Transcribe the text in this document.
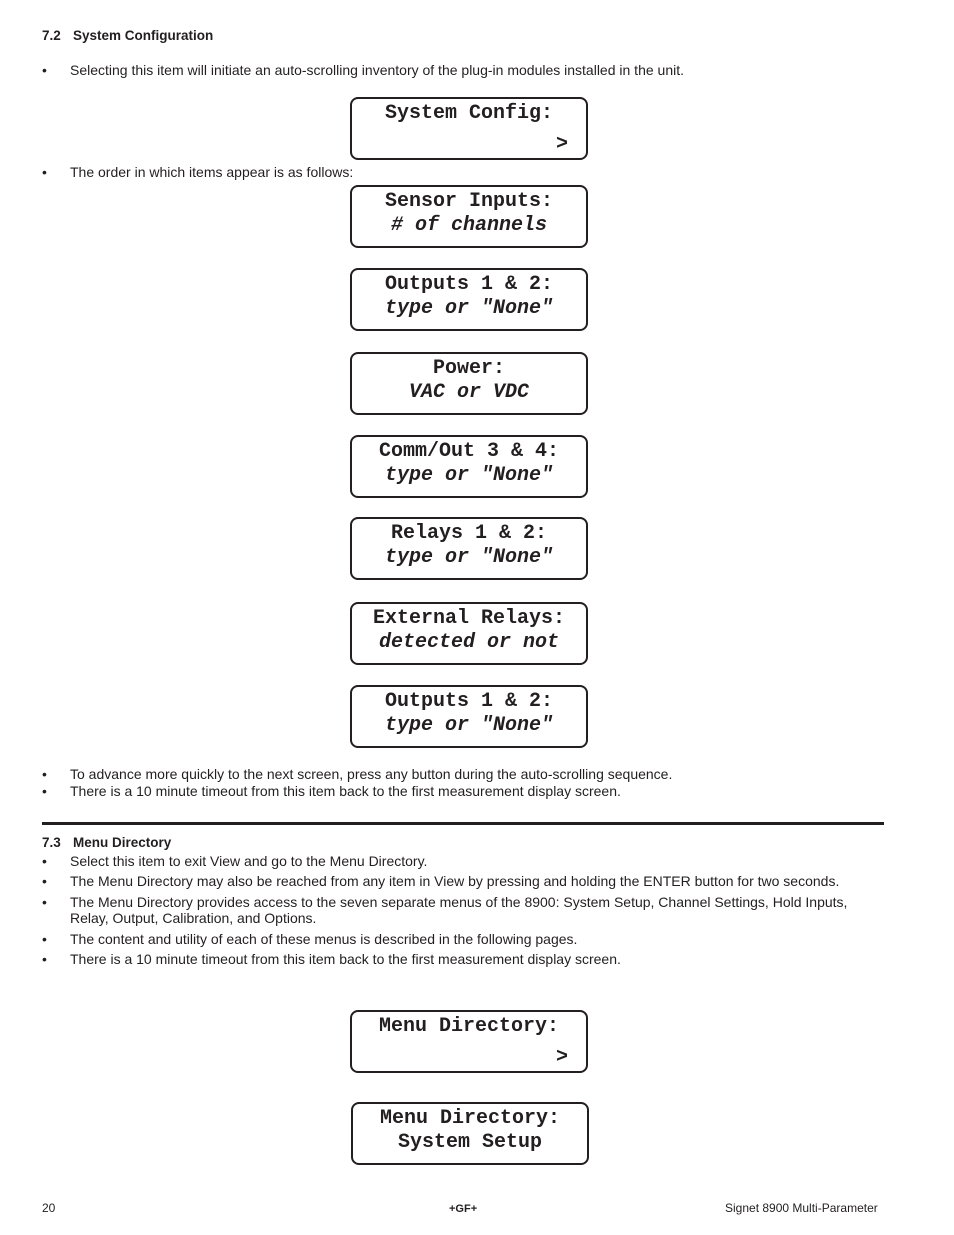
7.2 System Configuration
• Selecting this item will initiate an auto-scrolling inventory of the plug-in modules installed in the unit.
System Config:
>
• The order in which items appear is as follows:
Sensor Inputs:
# of channels
Outputs 1 & 2:
type or "None"
Power:
VAC or VDC
Comm/Out 3 & 4:
type or "None"
Relays 1 & 2:
type or "None"
External Relays:
detected or not
Outputs 1 & 2:
type or "None"
• To advance more quickly to the next screen, press any button during the auto-scrolling sequence.
• There is a 10 minute timeout from this item back to the first measurement display screen.
7.3 Menu Directory
• Select this item to exit View and go to the Menu Directory.
• The Menu Directory may also be reached from any item in View by pressing and holding the ENTER button for two seconds.
• The Menu Directory provides access to the seven separate menus of the 8900: System Setup, Channel Settings, Hold Inputs, Relay, Output, Calibration, and Options.
• The content and utility of each of these menus is described in the following pages.
• There is a 10 minute timeout from this item back to the first measurement display screen.
Menu Directory:
>
Menu Directory:
System Setup
20	+GF+	Signet 8900 Multi-Parameter
